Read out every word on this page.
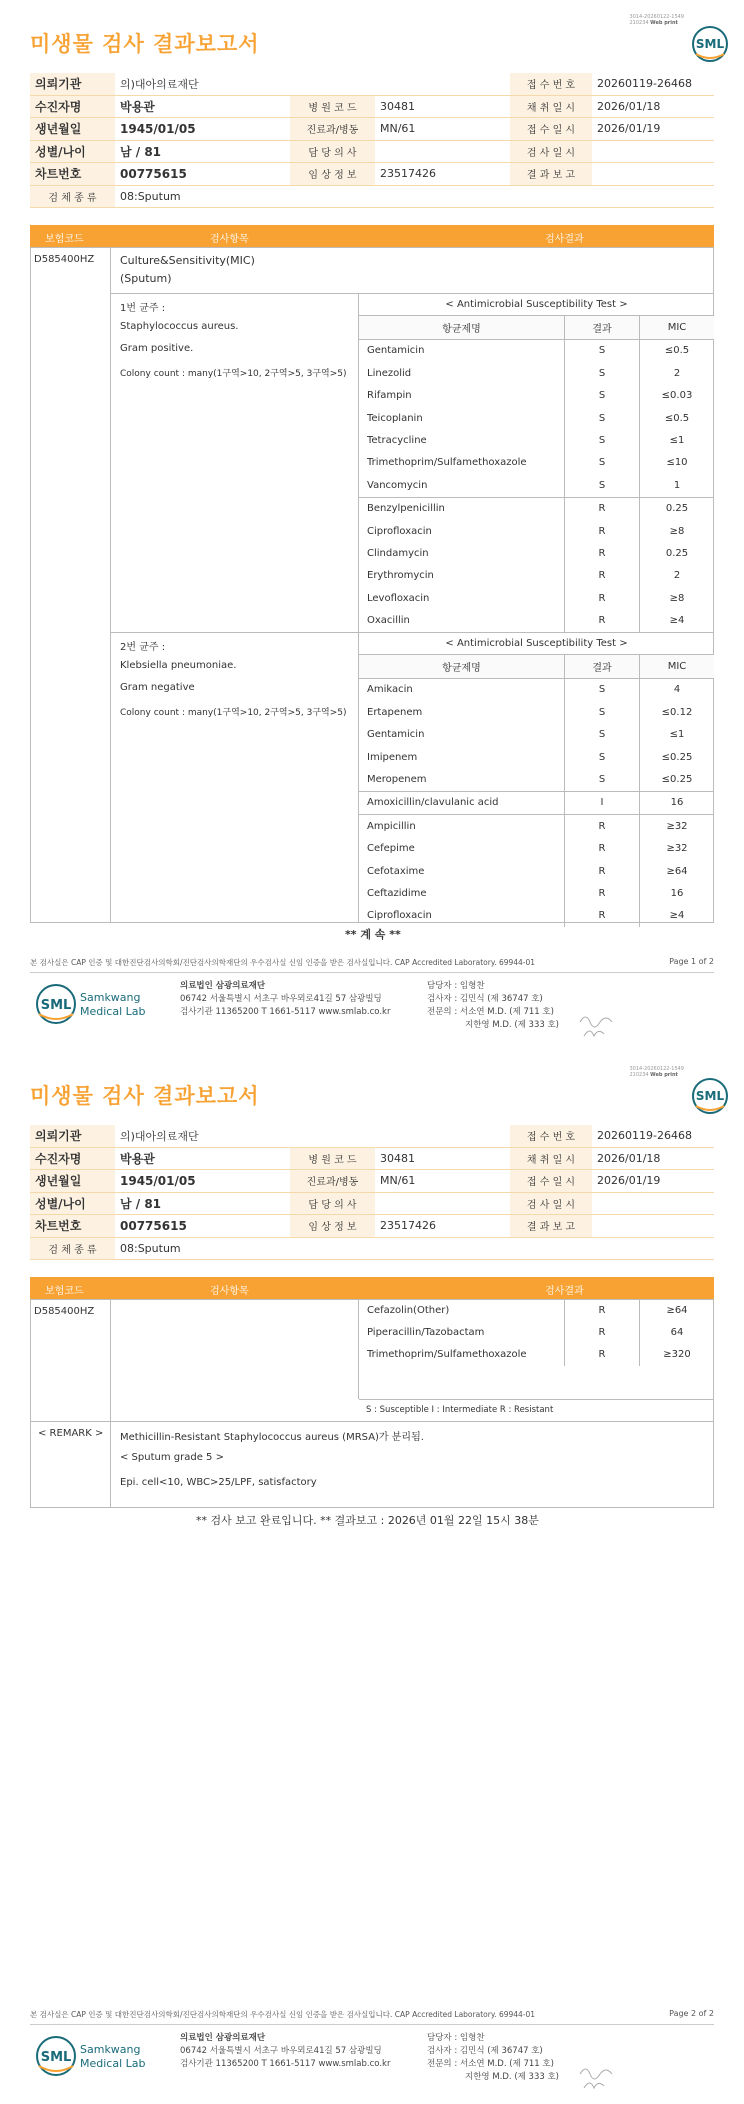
3014-20260122-1549
210234 Web print
SML
미생물 검사 결과보고서
의뢰기관	의)대아의료재단			접 수 번 호	20260119-26468
수진자명	박용관	병 원 코 드	30481	채 취 일 시	2026/01/18
생년월일	1945/01/05	진료과/병동	MN/61	접 수 일 시	2026/01/19
성별/나이	남 / 81	담 당 의 사		검 사 일 시	
차트번호	00775615	임 상 정 보	23517426	결 과 보 고	
검 체 종 류	08:Sputum				
보험코드	검사항목	검사결과
D585400HZ Culture&Sensitivity(MIC)
(Sputum)
1번 균주 :
Staphylococcus aureus.
Gram positive.
Colony count : many(1구역>10, 2구역>5, 3구역>5)
< Antimicrobial Susceptibility Test >		
항균제명	결과	MIC
Gentamicin	S	≤0.5
Linezolid	S	2
Rifampin	S	≤0.03
Teicoplanin	S	≤0.5
Tetracycline	S	≤1
Trimethoprim/Sulfamethoxazole	S	≤10
Vancomycin	S	1
Benzylpenicillin	R	0.25
Ciprofloxacin	R	≥8
Clindamycin	R	0.25
Erythromycin	R	2
Levofloxacin	R	≥8
Oxacillin	R	≥4
2번 균주 :
Klebsiella pneumoniae.
Gram negative
Colony count : many(1구역>10, 2구역>5, 3구역>5)
< Antimicrobial Susceptibility Test >		
항균제명	결과	MIC
Amikacin	S	4
Ertapenem	S	≤0.12
Gentamicin	S	≤1
Imipenem	S	≤0.25
Meropenem	S	≤0.25
Amoxicillin/clavulanic acid	I	16
Ampicillin	R	≥32
Cefepime	R	≥32
Cefotaxime	R	≥64
Ceftazidime	R	16
Ciprofloxacin	R	≥4
** 계 속 **
본 검사실은 CAP 인증 및 대한진단검사의학회/진단검사의학재단의 우수검사실 신임 인증을 받은 검사실입니다. CAP Accredited Laboratory. 69944-01	Page 1 of 2
SML
Samkwang
Medical Lab
의료법인 삼광의료재단
06742 서울특별시 서초구 바우뫼로41길 57 삼광빌딩
검사기관 11365200 T 1661-5117 www.smlab.co.kr
담당자 : 임형찬
검사자 : 김민식 (제 36747 호)
전문의 : 서소연 M.D. (제 711 호)
지한영 M.D. (제 333 호)
3014-20260122-1549
210234 Web print
SML
미생물 검사 결과보고서
의뢰기관	의)대아의료재단			접 수 번 호	20260119-26468
수진자명	박용관	병 원 코 드	30481	채 취 일 시	2026/01/18
생년월일	1945/01/05	진료과/병동	MN/61	접 수 일 시	2026/01/19
성별/나이	남 / 81	담 당 의 사		검 사 일 시	
차트번호	00775615	임 상 정 보	23517426	결 과 보 고	
검 체 종 류	08:Sputum				
보험코드	검사항목	검사결과
D585400HZ	Cefazolin(Other)	R	≥64
Piperacillin/Tazobactam	R	64
Trimethoprim/Sulfamethoxazole	R	≥320
S : Susceptible I : Intermediate R : Resistant
< REMARK > Methicillin-Resistant Staphylococcus aureus (MRSA)가 분리됨.
< Sputum grade 5 >
Epi. cell<10, WBC>25/LPF, satisfactory
** 검사 보고 완료입니다. ** 결과보고 : 2026년 01월 22일 15시 38분
본 검사실은 CAP 인증 및 대한진단검사의학회/진단검사의학재단의 우수검사실 신임 인증을 받은 검사실입니다. CAP Accredited Laboratory. 69944-01	Page 2 of 2
SML
Samkwang
Medical Lab
의료법인 삼광의료재단
06742 서울특별시 서초구 바우뫼로41길 57 삼광빌딩
검사기관 11365200 T 1661-5117 www.smlab.co.kr
담당자 : 임형찬
검사자 : 김민식 (제 36747 호)
전문의 : 서소연 M.D. (제 711 호)
지한영 M.D. (제 333 호)
